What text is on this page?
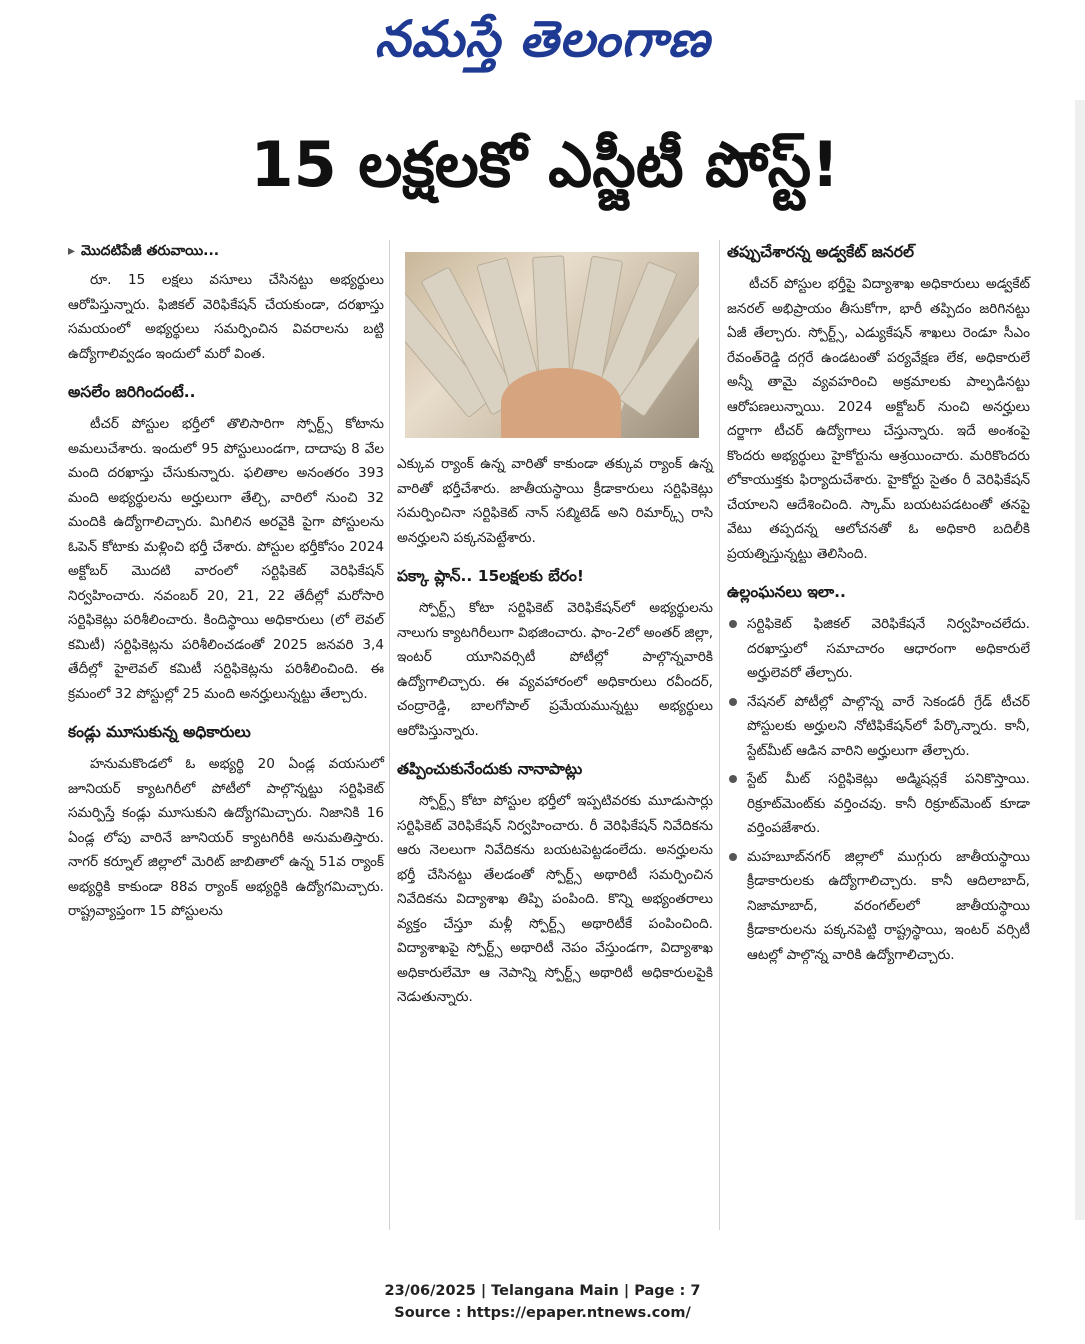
నమస్తే తెలంగాణ
15 లక్షలకో ఎస్జీటీ పోస్ట్!
▸ మొదటిపేజీ తరువాయి...

రూ. 15 లక్షలు వసూలు చేసినట్టు అభ్యర్థులు ఆరోపిస్తున్నారు. ఫిజికల్ వెరిఫికేషన్ చేయకుండా, దరఖాస్తు సమయంలో అభ్యర్థులు సమర్పించిన వివరాలను బట్టి ఉద్యోగాలివ్వడం ఇందులో మరో వింత.

అసలేం జరిగిందంటే..

టీచర్ పోస్టుల భర్తీలో తొలిసారిగా స్పోర్ట్స్ కోటాను అమలుచేశారు. ఇందులో 95 పోస్టులుండగా, దాదాపు 8 వేల మంది దరఖాస్తు చేసుకున్నారు. ఫలితాల అనంతరం 393 మంది అభ్యర్థులను అర్హులుగా తేల్చి, వారిలో నుంచి 32 మందికి ఉద్యోగాలిచ్చారు. మిగిలిన అరవైకి పైగా పోస్టులను ఓపెన్ కోటాకు మళ్లించి భర్తీ చేశారు. పోస్టుల భర్తీకోసం 2024 అక్టోబర్ మొదటి వారంలో సర్టిఫికెట్ వెరిఫికేషన్ నిర్వహించారు. నవంబర్ 20, 21, 22 తేదీల్లో మరోసారి సర్టిఫికెట్లు పరిశీలించారు. కిందిస్థాయి అధికారులు (లో లెవల్ కమిటీ) సర్టిఫికెట్లను పరిశీలించడంతో 2025 జనవరి 3,4 తేదీల్లో హైలెవల్ కమిటీ సర్టిఫికెట్లను పరిశీలించింది. ఈ క్రమంలో 32 పోస్టుల్లో 25 మంది అనర్హులున్నట్టు తేల్చారు.

కండ్లు మూసుకున్న అధికారులు

హనుమకొండలో ఓ అభ్యర్థి 20 ఏండ్ల వయసులో జూనియర్ క్యాటగిరీలో పోటీలో పాల్గొన్నట్టు సర్టిఫికెట్ సమర్పిస్తే కండ్లు మూసుకుని ఉద్యోగమిచ్చారు. నిజానికి 16 ఏండ్ల లోపు వారినే జూనియర్ క్యాటగిరీకి అనుమతిస్తారు. నాగర్ కర్నూల్ జిల్లాలో మెరిట్ జాబితాలో ఉన్న 51వ ర్యాంక్ అభ్యర్థికి కాకుండా 88వ ర్యాంక్ అభ్యర్థికి ఉద్యోగమిచ్చారు. రాష్ట్రవ్యాప్తంగా 15 పోస్టులను

ఎక్కువ ర్యాంక్ ఉన్న వారితో కాకుండా తక్కువ ర్యాంక్ ఉన్న వారితో భర్తీచేశారు. జాతీయస్థాయి క్రీడాకారులు సర్టిఫికెట్లు సమర్పించినా సర్టిఫికెట్ నాన్ సబ్మిటెడ్ అని రిమార్క్స్ రాసి అనర్హులని పక్కనపెట్టేశారు.

పక్కా ప్లాన్.. 15లక్షలకు బేరం!

స్పోర్ట్స్ కోటా సర్టిఫికెట్ వెరిఫికేషన్‌లో అభ్యర్థులను నాలుగు క్యాటగిరీలుగా విభజించారు. ఫాం-2లో అంతర్ జిల్లా, ఇంటర్ యూనివర్సిటీ పోటీల్లో పాల్గొన్నవారికి ఉద్యోగాలిచ్చారు. ఈ వ్యవహారంలో అధికారులు రవీందర్, చంద్రారెడ్డి, బాలగోపాల్ ప్రమేయమున్నట్టు అభ్యర్థులు ఆరోపిస్తున్నారు.

తప్పించుకునేందుకు నానాపాట్లు

స్పోర్ట్స్ కోటా పోస్టుల భర్తీలో ఇప్పటివరకు మూడుసార్లు సర్టిఫికెట్ వెరిఫికేషన్ నిర్వహించారు. రీ వెరిఫికేషన్ నివేదికను ఆరు నెలలుగా నివేదికను బయటపెట్టడంలేదు. అనర్హులను భర్తీ చేసినట్టు తేలడంతో స్పోర్ట్స్ అథారిటీ సమర్పించిన నివేదికను విద్యాశాఖ తిప్పి పంపింది. కొన్ని అభ్యంతరాలు వ్యక్తం చేస్తూ మళ్లీ స్పోర్ట్స్ అథారిటీకే పంపించింది. విద్యాశాఖపై స్పోర్ట్స్ అథారిటీ నెపం వేస్తుండగా, విద్యాశాఖ అధికారులేమో ఆ నెపాన్ని స్పోర్ట్స్ అథారిటీ అధికారులపైకి నెడుతున్నారు.

తప్పుచేశారన్న అడ్వకేట్ జనరల్

టీచర్ పోస్టుల భర్తీపై విద్యాశాఖ అధికారులు అడ్వకేట్ జనరల్ అభిప్రాయం తీసుకోగా, భారీ తప్పిదం జరిగినట్టు ఏజీ తేల్చారు. స్పోర్ట్స్, ఎడ్యుకేషన్ శాఖలు రెండూ సీఎం రేవంత్‌రెడ్డి దగ్గరే ఉండటంతో పర్యవేక్షణ లేక, అధికారులే అన్నీ తామై వ్యవహరించి అక్రమాలకు పాల్పడినట్టు ఆరోపణలున్నాయి. 2024 అక్టోబర్ నుంచి అనర్హులు దర్జాగా టీచర్ ఉద్యోగాలు చేస్తున్నారు. ఇదే అంశంపై కొందరు అభ్యర్థులు హైకోర్టును ఆశ్రయించారు. మరికొందరు లోకాయుక్తకు ఫిర్యాదుచేశారు. హైకోర్టు సైతం రీ వెరిఫికేషన్ చేయాలని ఆదేశించింది. స్కామ్ బయటపడటంతో తనపై వేటు తప్పదన్న ఆలోచనతో ఓ అధికారి బదిలీకి ప్రయత్నిస్తున్నట్టు తెలిసింది.

ఉల్లంఘనలు ఇలా..

సర్టిఫికెట్ ఫిజికల్ వెరిఫికేషనే నిర్వహించలేదు. దరఖాస్తులో సమాచారం ఆధారంగా అధికారులే అర్హులెవరో తేల్చారు.

నేషనల్ పోటీల్లో పాల్గొన్న వారే సెకండరీ గ్రేడ్ టీచర్ పోస్టులకు అర్హులని నోటిఫికేషన్‌లో పేర్కొన్నారు. కానీ, స్టేట్‌మీట్ ఆడిన వారిని అర్హులుగా తేల్చారు.

స్టేట్ మీట్ సర్టిఫికెట్లు అడ్మిషన్లకే పనికొస్తాయి. రిక్రూట్‌మెంట్‌కు వర్తించవు. కానీ రిక్రూట్‌మెంట్ కూడా వర్తింపజేశారు.

మహబూబ్‌నగర్ జిల్లాలో ముగ్గురు జాతీయస్థాయి క్రీడాకారులకు ఉద్యోగాలిచ్చారు. కానీ ఆదిలాబాద్, నిజామాబాద్, వరంగల్‌లలో జాతీయస్థాయి క్రీడాకారులను పక్కనపెట్టి రాష్ట్రస్థాయి, ఇంటర్ వర్సిటీ ఆటల్లో పాల్గొన్న వారికి ఉద్యోగాలిచ్చారు.

23/06/2025 | Telangana Main | Page : 7
Source : https://epaper.ntnews.com/
